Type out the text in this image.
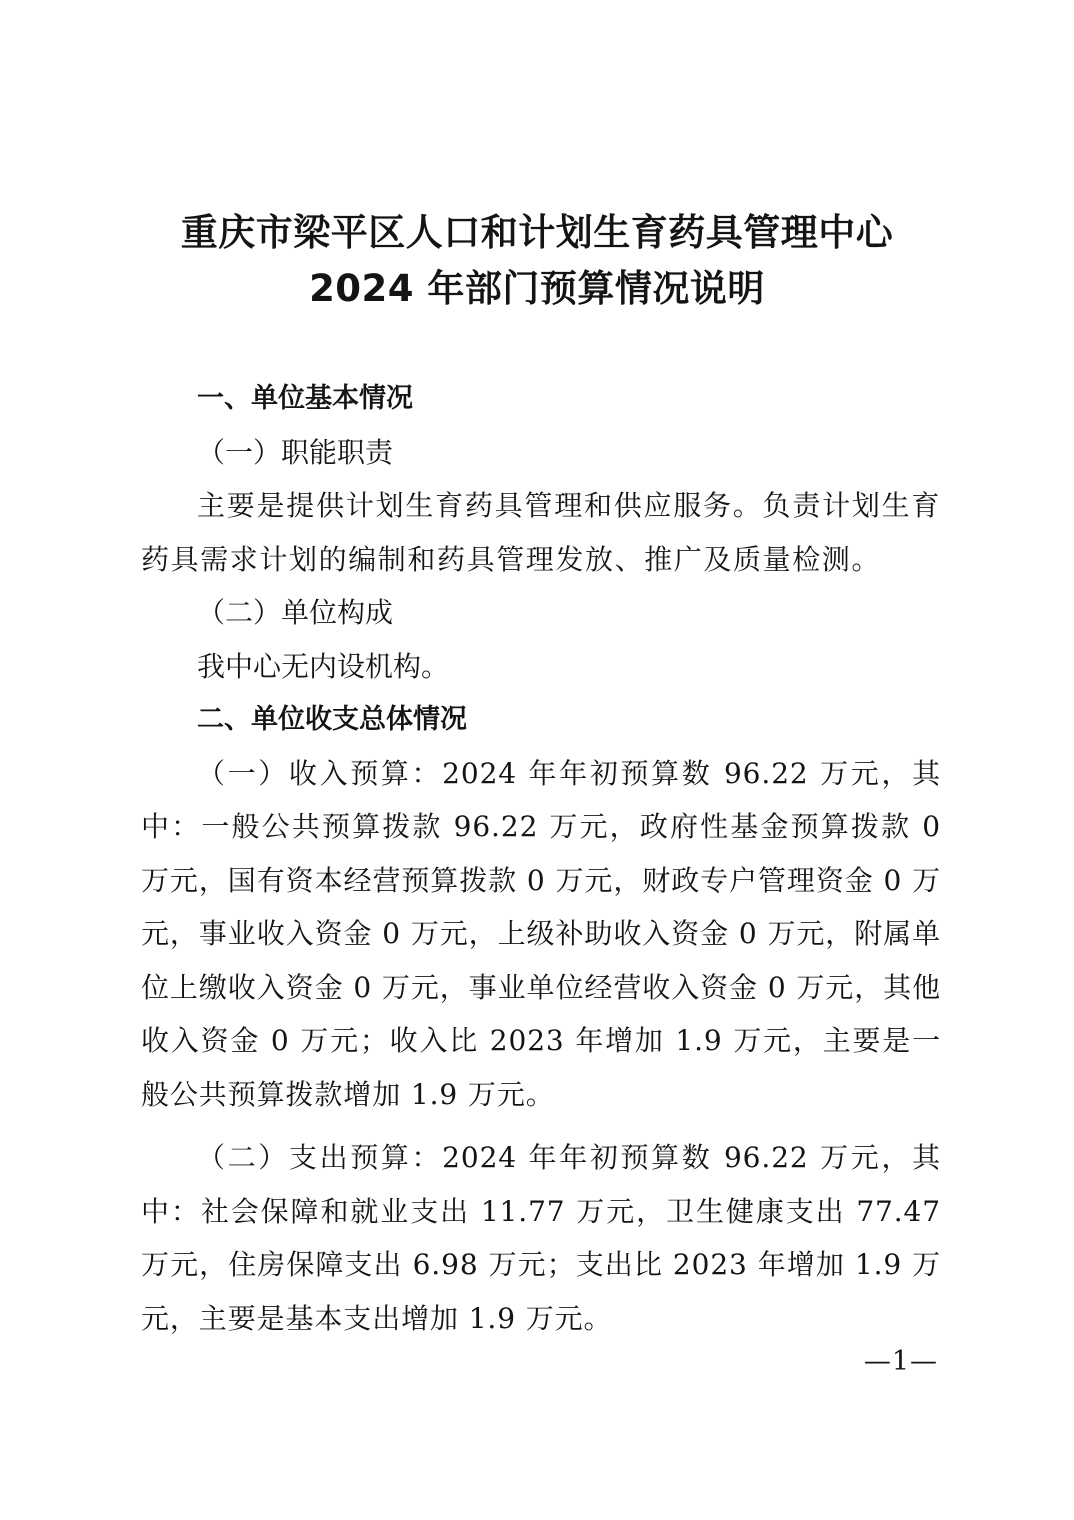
重庆市梁平区人口和计划生育药具管理中心
2024 年部门预算情况说明
一、单位基本情况
（一）职能职责
主要是提供计划生育药具管理和供应服务。负责计划生育药具需求计划的编制和药具管理发放、推广及质量检测。
（二）单位构成
我中心无内设机构。
二、单位收支总体情况
（一）收入预算：2024 年年初预算数 96.22 万元，其中：一般公共预算拨款 96.22 万元，政府性基金预算拨款 0 万元，国有资本经营预算拨款 0 万元，财政专户管理资金 0 万元，事业收入资金 0 万元，上级补助收入资金 0 万元，附属单位上缴收入资金 0 万元，事业单位经营收入资金 0 万元，其他收入资金 0 万元；收入比 2023 年增加 1.9 万元，主要是一般公共预算拨款增加 1.9 万元。
（二）支出预算：2024 年年初预算数 96.22 万元，其中：社会保障和就业支出 11.77 万元，卫生健康支出 77.47 万元，住房保障支出 6.98 万元；支出比 2023 年增加 1.9 万元，主要是基本支出增加 1.9 万元。
—1—
